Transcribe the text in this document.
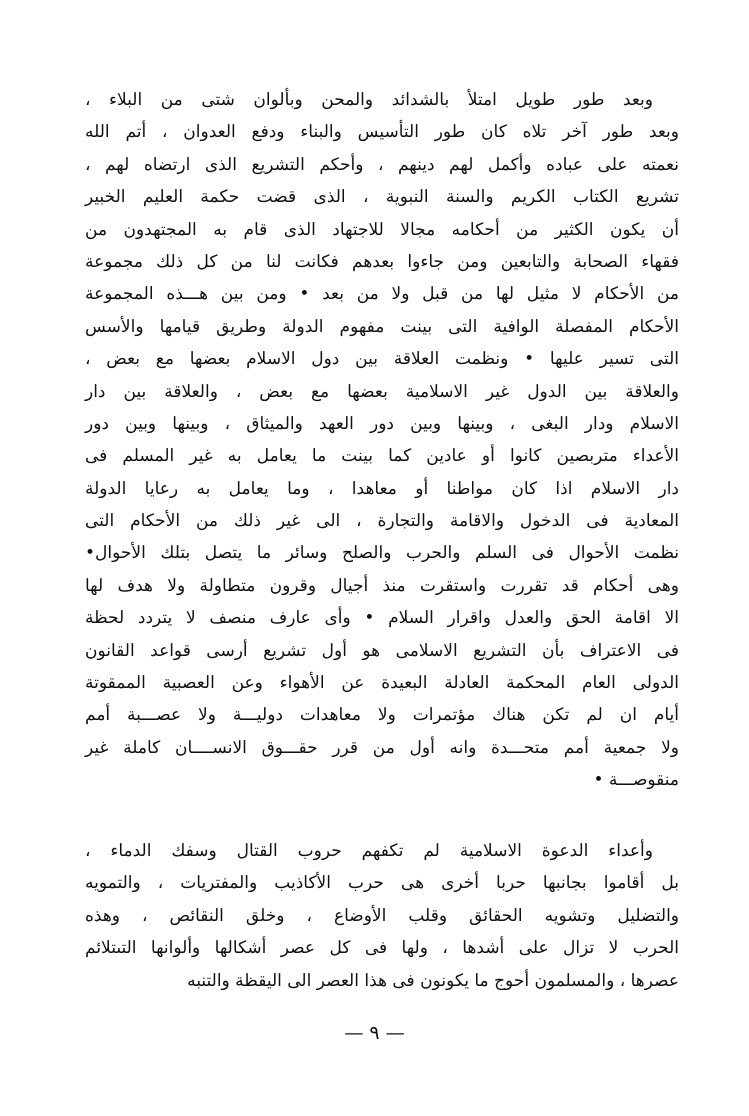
وبعد طور طويل امتلأ بالشدائد والمحن وبألوان شتى من البلاء ،
وبعد طور آخر تلاه كان طور التأسيس والبناء ودفع العدوان ، أتم الله
نعمته على عباده وأكمل لهم دينهم ، وأحكم التشريع الذى ارتضاه لهم ،
تشريع الكتاب الكريم والسنة النبوية ، الذى قضت حكمة العليم الخبير
أن يكون الكثير من أحكامه مجالا للاجتهاد الذى قام به المجتهدون من
فقهاء الصحابة والتابعين ومن جاءوا بعدهم فكانت لنا من كل ذلك مجموعة
من الأحكام لا مثيل لها من قبل ولا من بعد • ومن بين هـــذه المجموعة
الأحكام المفصلة الوافية التى بينت مفهوم الدولة وطريق قيامها والأسس
التى تسير عليها • ونظمت العلاقة بين دول الاسلام بعضها مع بعض ،
والعلاقة بين الدول غير الاسلامية بعضها مع بعض ، والعلاقة بين دار
الاسلام ودار البغى ، وبينها وبين دور العهد والميثاق ، وبينها وبين دور
الأعداء متربصين كانوا أو عادين كما بينت ما يعامل به غير المسلم فى
دار الاسلام اذا كان مواطنا أو معاهدا ، وما يعامل به رعايا الدولة
المعادية فى الدخول والاقامة والتجارة ، الى غير ذلك من الأحكام التى
نظمت الأحوال فى السلم والحرب والصلح وسائر ما يتصل بتلك الأحوال•
وهى أحكام قد تقررت واستقرت منذ أجيال وقرون متطاولة ولا هدف لها
الا اقامة الحق والعدل واقرار السلام • وأى عارف منصف لا يتردد لحظة
فى الاعتراف بأن التشريع الاسلامى هو أول تشريع أرسى قواعد القانون
الدولى العام المحكمة العادلة البعيدة عن الأهواء وعن العصبية الممقوتة
أيام ان لم تكن هناك مؤتمرات ولا معاهدات دوليـــة ولا عصـــبة أمم
ولا جمعية أمم متحـــدة وانه أول من قرر حقـــوق الانســــان كاملة غير
منقوصـــة •
وأعداء الدعوة الاسلامية لم تكفهم حروب القتال وسفك الدماء ،
بل أقاموا بجانبها حربا أخرى هى حرب الأكاذيب والمفتريات ، والتمويه
والتضليل وتشويه الحقائق وقلب الأوضاع ، وخلق النقائص ، وهذه
الحرب لا تزال على أشدها ، ولها فى كل عصر أشكالها وألوانها التىتلائم
عصرها ، والمسلمون أحوج ما يكونون فى هذا العصر الى اليقظة والتنبه
— ٩ —
